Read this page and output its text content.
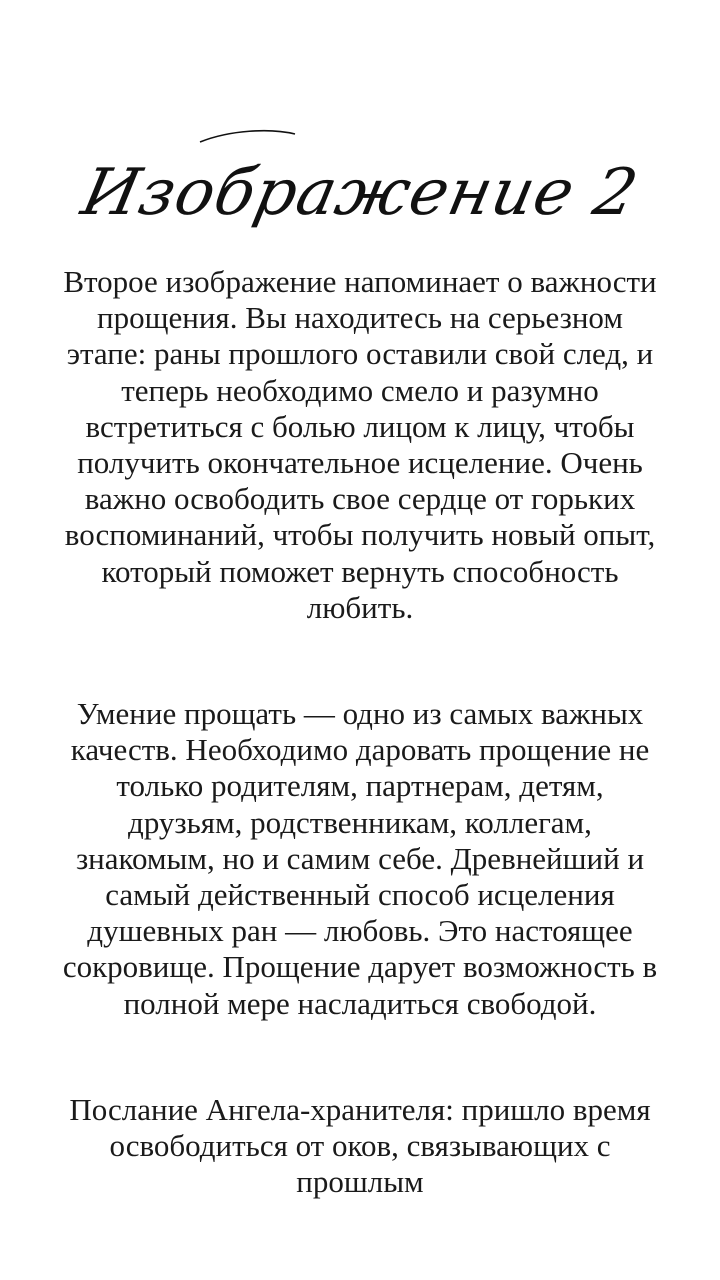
Изображение 2

Второе изображение напоминает о важности прощения. Вы находитесь на серьезном этапе: раны прошлого оставили свой след, и теперь необходимо смело и разумно встретиться с болью лицом к лицу, чтобы получить окончательное исцеление. Очень важно освободить свое сердце от горьких воспоминаний, чтобы получить новый опыт, который поможет вернуть способность любить.

Умение прощать — одно из самых важных качеств. Необходимо даровать прощение не только родителям, партнерам, детям, друзьям, родственникам, коллегам, знакомым, но и самим себе. Древнейший и самый действенный способ исцеления душевных ран — любовь. Это настоящее сокровище. Прощение дарует возможность в полной мере насладиться свободой.

Послание Ангела-хранителя: пришло время освободиться от оков, связывающих с прошлым
